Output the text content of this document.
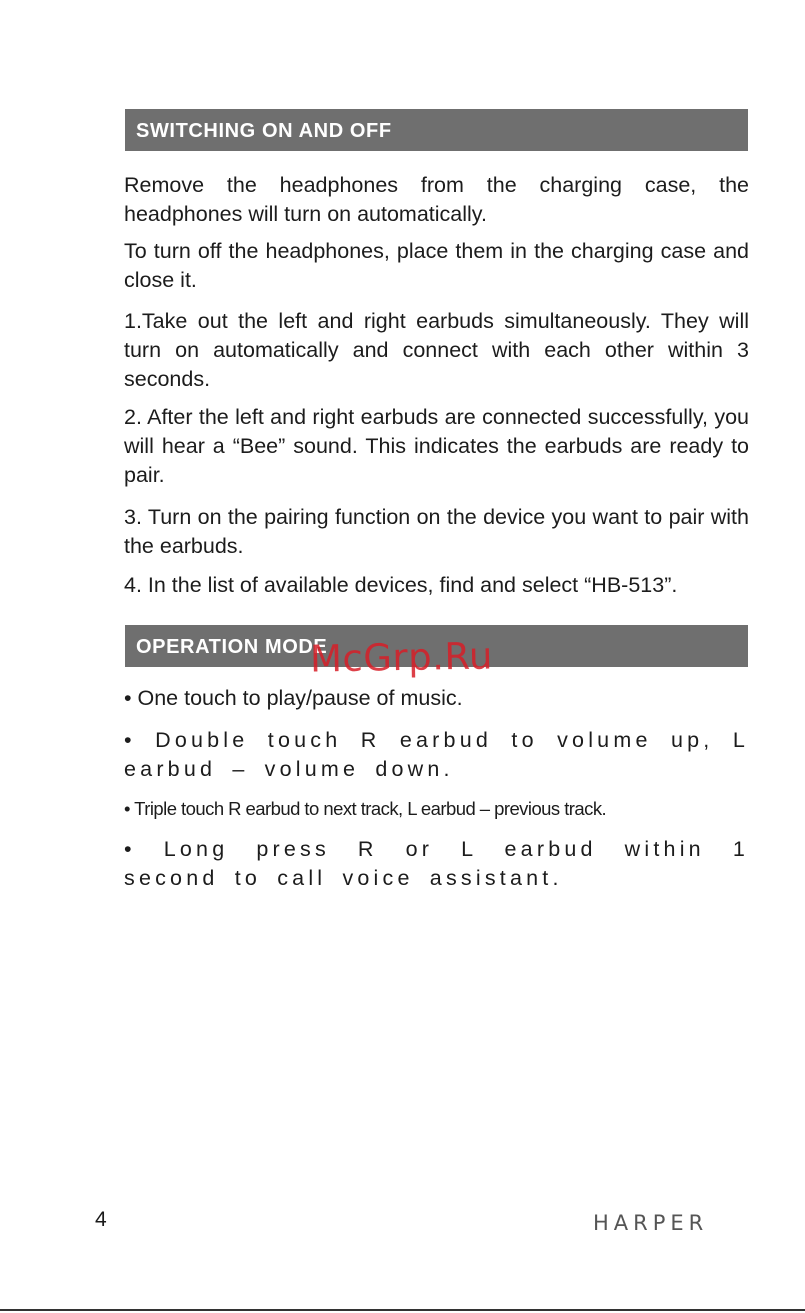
SWITCHING ON AND OFF

Remove the headphones from the charging case, the headphones will turn on automatically.

To turn off the headphones, place them in the charging case and close it.

1.Take out the left and right earbuds simultaneously. They will turn on automatically and connect with each other within 3 seconds.

2. After the left and right earbuds are connected successfully, you will hear a “Bee” sound. This indicates the earbuds are ready to pair.

3. Turn on the pairing function on the device you want to pair with the earbuds.

4. In the list of available devices, find and select “HB-513”.

OPERATION MODE
McGrp.Ru

• One touch to play/pause of music.

• Double touch R earbud to volume up, L earbud – volume down.

• Triple touch R earbud to next track, L earbud – previous track.

• Long press R or L earbud within 1 second to call voice assistant.

4	HARPER
